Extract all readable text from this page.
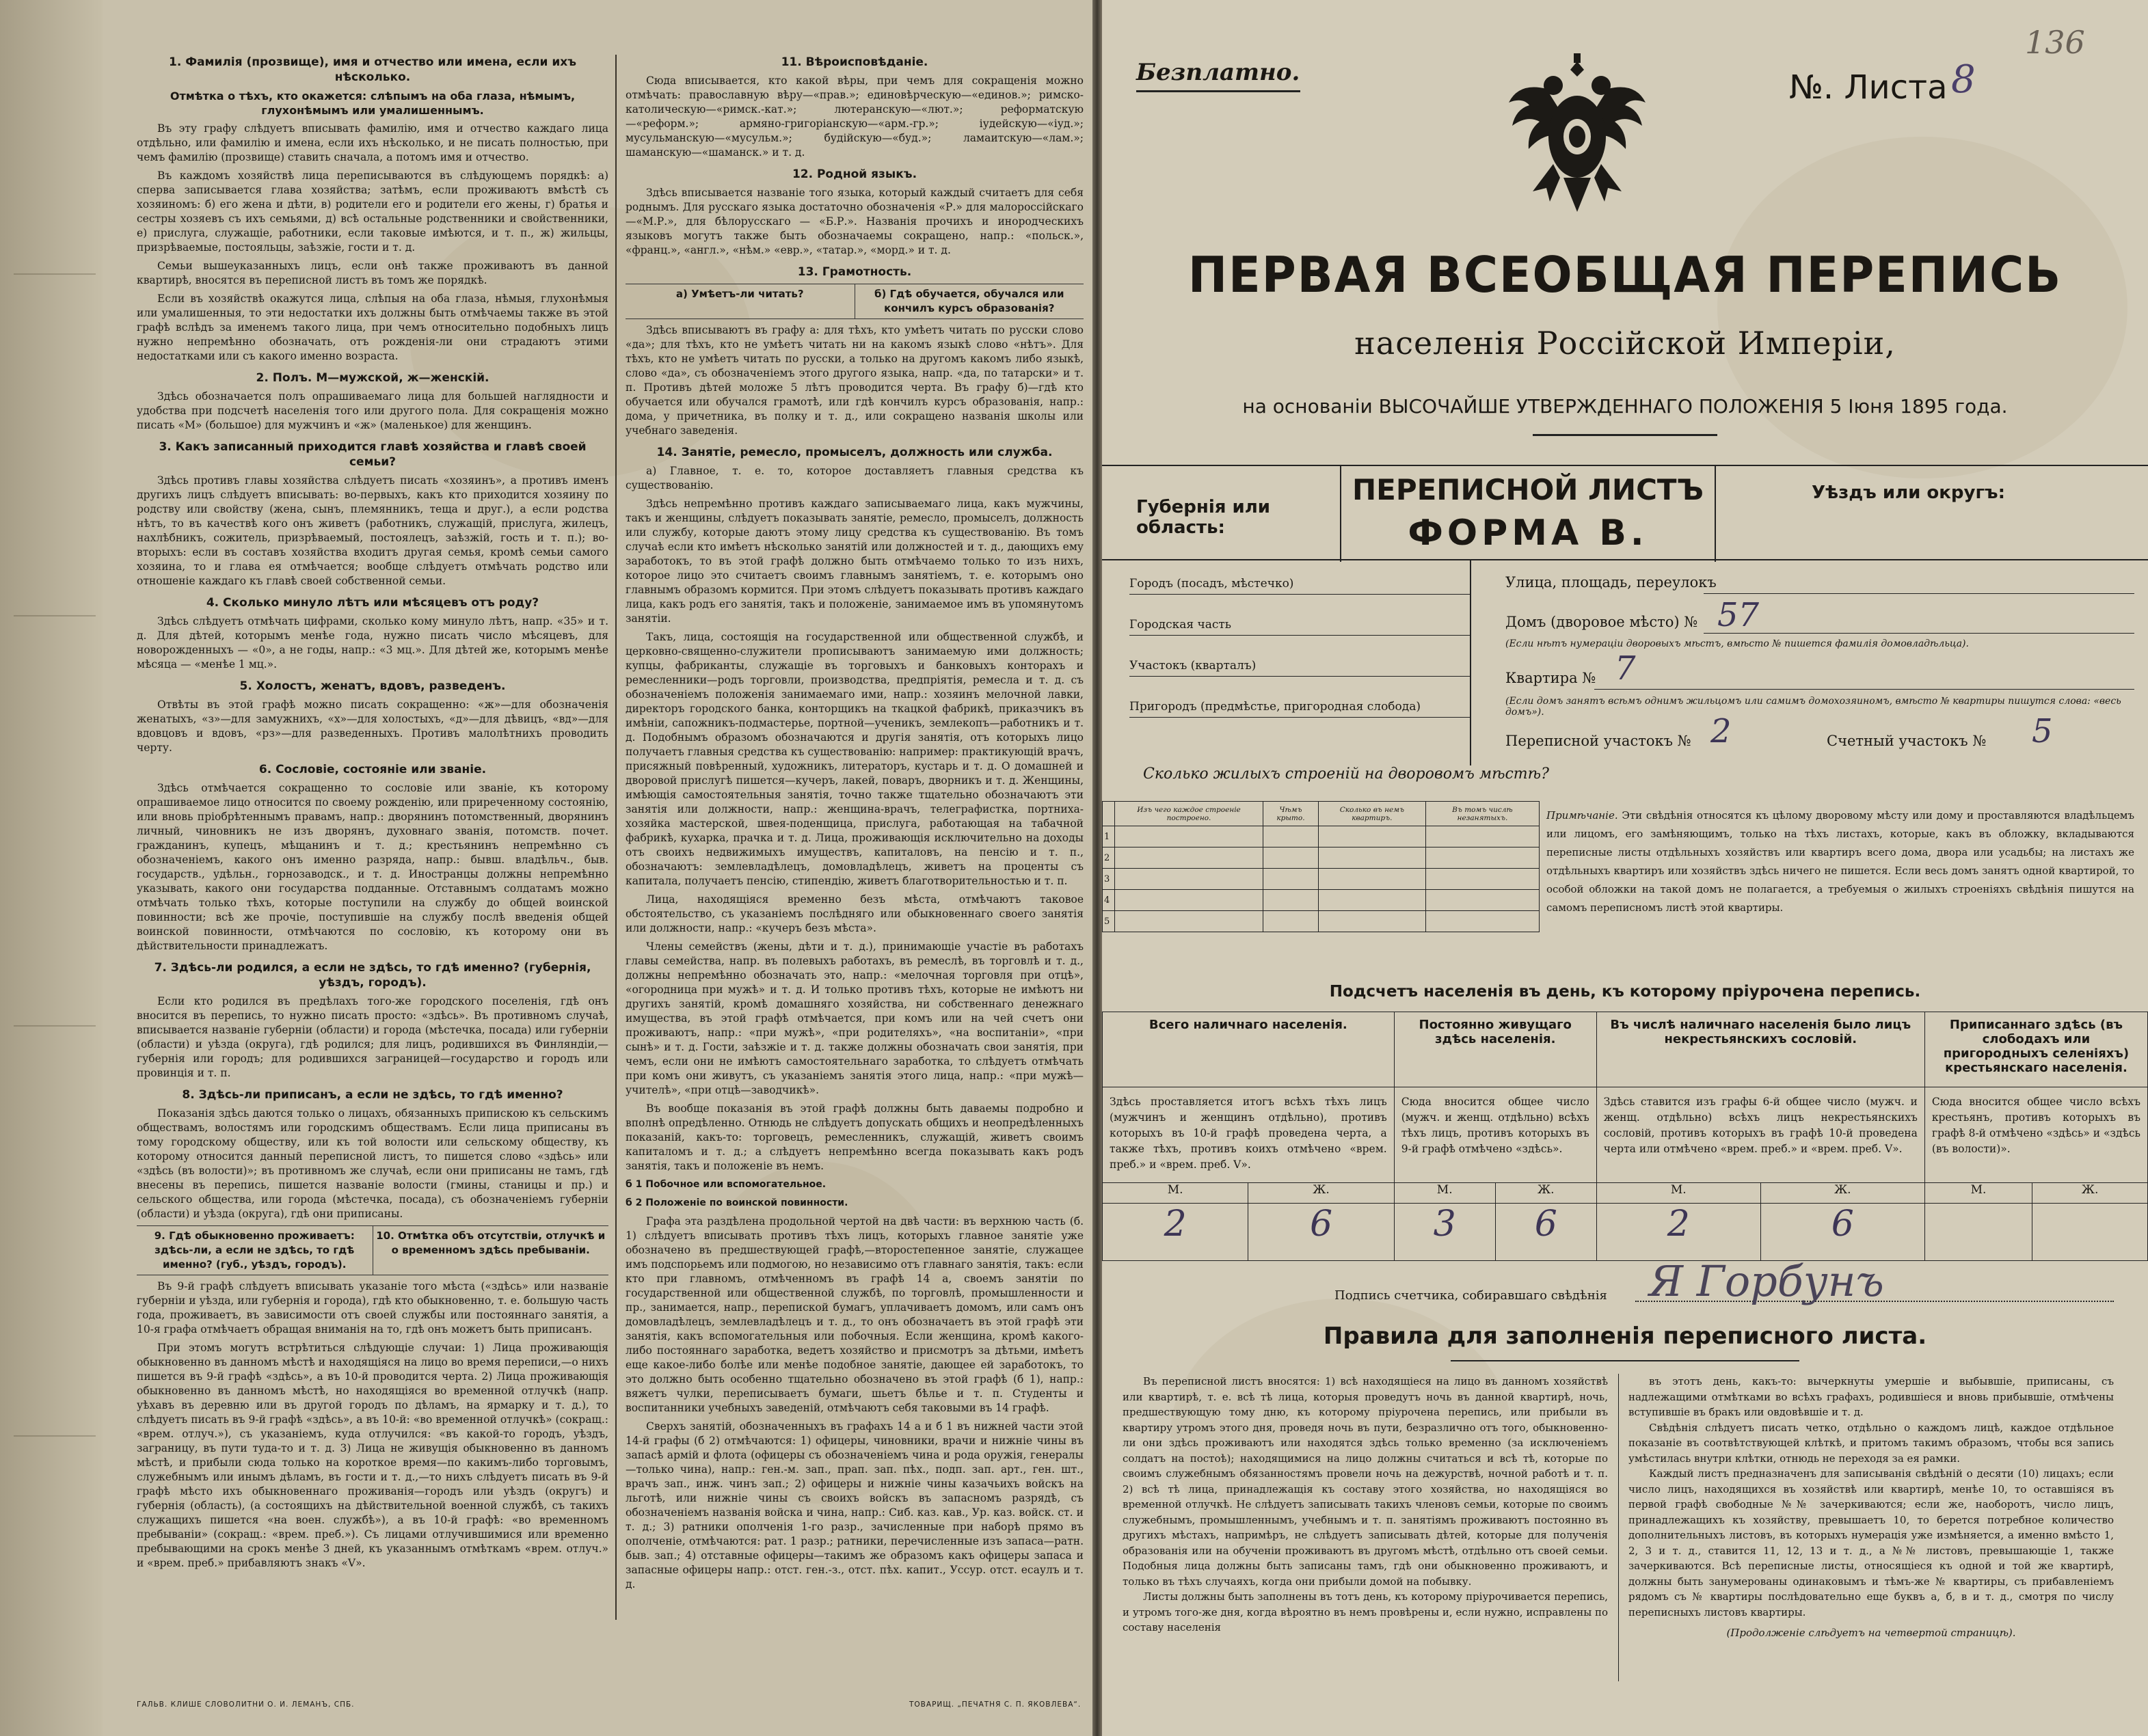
1. Фамилія (прозвище), имя и отчество или имена, если ихъ нѣсколько.
Отмѣтка о тѣхъ, кто окажется: слѣпымъ на оба глаза, нѣмымъ, глухонѣмымъ или умалишеннымъ.

Въ эту графу слѣдуетъ вписывать фамилію, имя и отчество каждаго лица отдѣльно, или фамилію и имена, если ихъ нѣсколько, и не писать полностью, при чемъ фамилію (прозвище) ставить сначала, а потомъ имя и отчество.

Въ каждомъ хозяйствѣ лица переписываются въ слѣдующемъ порядкѣ: а) сперва записывается глава хозяйства; затѣмъ, если проживаютъ вмѣстѣ съ хозяиномъ: б) его жена и дѣти, в) родители его и родители его жены, г) братья и сестры хозяевъ съ ихъ семьями, д) всѣ остальные родственники и свойственники, е) прислуга, служащіе, работники, если таковые имѣются, и т. п., ж) жильцы, призрѣваемые, постояльцы, заѣзжіе, гости и т. д.

Семьи вышеуказанныхъ лицъ, если онѣ также проживаютъ въ данной квартирѣ, вносятся въ переписной листъ въ томъ же порядкѣ.

Если въ хозяйствѣ окажутся лица, слѣпыя на оба глаза, нѣмыя, глухонѣмыя или умалишенныя, то эти недостатки ихъ должны быть отмѣчаемы также въ этой графѣ вслѣдъ за именемъ такого лица, при чемъ относительно подобныхъ лицъ нужно непремѣнно обозначать, отъ рожденія-ли они страдаютъ этими недостатками или съ какого именно возраста.

2. Полъ. М—мужской, ж—женскій.

Здѣсь обозначается полъ опрашиваемаго лица для большей наглядности и удобства при подсчетѣ населенія того или другого пола. Для сокращенія можно писать «М» (большое) для мужчинъ и «ж» (маленькое) для женщинъ.

3. Какъ записанный приходится главѣ хозяйства и главѣ своей семьи?

Здѣсь противъ главы хозяйства слѣдуетъ писать «хозяинъ», а противъ именъ другихъ лицъ слѣдуетъ вписывать: во-первыхъ, какъ кто приходится хозяину по родству или свойству (жена, сынъ, племянникъ, теща и друг.), а если родства нѣтъ, то въ качествѣ кого онъ живетъ (работникъ, служащій, прислуга, жилецъ, нахлѣбникъ, сожитель, призрѣваемый, постоялецъ, заѣзжій, гость и т. п.); во-вторыхъ: если въ составъ хозяйства входитъ другая семья, кромѣ семьи самого хозяина, то и глава ея отмѣчается; вообще слѣдуетъ отмѣчать родство или отношеніе каждаго къ главѣ своей собственной семьи.

4. Сколько минуло лѣтъ или мѣсяцевъ отъ роду?

Здѣсь слѣдуетъ отмѣчать цифрами, сколько кому минуло лѣтъ, напр. «35» и т. д. Для дѣтей, которымъ менѣе года, нужно писать число мѣсяцевъ, для новорожденныхъ — «0», а не годы, напр.: «3 мц.». Для дѣтей же, которымъ менѣе мѣсяца — «менѣе 1 мц.».

5. Холостъ, женатъ, вдовъ, разведенъ.

Отвѣты въ этой графѣ можно писать сокращенно: «ж»—для обозначенія женатыхъ, «з»—для замужнихъ, «х»—для холостыхъ, «д»—для дѣвицъ, «вд»—для вдовцовъ и вдовъ, «рз»—для разведенныхъ. Противъ малолѣтнихъ проводить черту.

6. Сословіе, состояніе или званіе.

Здѣсь отмѣчается сокращенно то сословіе или званіе, къ которому опрашиваемое лицо относится по своему рожденію, или приреченному состоянію, или вновь пріобрѣтеннымъ правамъ, напр.: дворянинъ потомственный, дворянинъ личный, чиновникъ не изъ дворянъ, духовнаго званія, потомств. почет. гражданинъ, купецъ, мѣщанинъ и т. д.; крестьянинъ непремѣнно съ обозначеніемъ, какого онъ именно разряда, напр.: бывш. владѣльч., быв. государств., удѣльн., горнозаводск., и т. д. Иностранцы должны непремѣнно указывать, какого они государства подданные. Отставнымъ солдатамъ можно отмѣчать только тѣхъ, которые поступили на службу до общей воинской повинности; всѣ же прочіе, поступившіе на службу послѣ введенія общей воинской повинности, отмѣчаются по сословію, къ которому они въ дѣйствительности принадлежатъ.

7. Здѣсь-ли родился, а если не здѣсь, то гдѣ именно? (губернія, уѣздъ, городъ).

Если кто родился въ предѣлахъ того-же городского поселенія, гдѣ онъ вносится въ перепись, то нужно писать просто: «здѣсь». Въ противномъ случаѣ, вписывается названіе губерніи (области) и города (мѣстечка, посада) или губерніи (области) и уѣзда (округа), гдѣ родился; для лицъ, родившихся въ Финляндіи,—губернія или городъ; для родившихся заграницей—государство и городъ или провинція и т. п.

8. Здѣсь-ли приписанъ, а если не здѣсь, то гдѣ именно?

Показанія здѣсь даются только о лицахъ, обязанныхъ припискою къ сельскимъ обществамъ, волостямъ или городскимъ обществамъ. Если лица приписаны въ тому городскому обществу, или къ той волости или сельскому обществу, къ которому относится данный переписной листъ, то пишется слово «здѣсь» или «здѣсь (въ волости)»; въ противномъ же случаѣ, если они приписаны не тамъ, гдѣ внесены въ перепись, пишется названіе волости (гмины, станицы и пр.) и сельского общества, или города (мѣстечка, посада), съ обозначеніемъ губерніи (области) и уѣзда (округа), гдѣ они приписаны.

9. Гдѣ обыкновенно проживаетъ: здѣсь-ли, а если не здѣсь, то гдѣ именно? (губ., уѣздъ, городъ).
10. Отмѣтка объ отсутствіи, отлучкѣ и о временномъ здѣсь пребываніи.

Въ 9-й графѣ слѣдуетъ вписывать указаніе того мѣста («здѣсь» или названіе губерніи и уѣзда, или губернія и города), гдѣ кто обыкновенно, т. е. большую часть года, проживаетъ, въ зависимости отъ своей службы или постояннаго занятія, а 10-я графа отмѣчаетъ обращая вниманія на то, гдѣ онъ можетъ быть приписанъ.

При этомъ могутъ встрѣтиться слѣдующіе случаи: 1) Лица проживающія обыкновенно въ данномъ мѣстѣ и находящіяся на лицо во время переписи,—о нихъ пишется въ 9-й графѣ «здѣсь», а въ 10-й проводится черта. 2) Лица проживающія обыкновенно въ данномъ мѣстѣ, но находящіяся во временной отлучкѣ (напр. уѣхавъ въ деревню или въ другой городъ по дѣламъ, на ярмарку и т. д.), то слѣдуетъ писать въ 9-й графѣ «здѣсь», а въ 10-й: «во временной отлучкѣ» (сокращ.: «врем. отлуч.»), съ указаніемъ, куда отлучился: «въ какой-то городъ, уѣздъ, заграницу, въ пути туда-то и т. д. 3) Лица не живущія обыкновенно въ данномъ мѣстѣ, и прибыли сюда только на короткое время—по какимъ-либо торговымъ, служебнымъ или инымъ дѣламъ, въ гости и т. д.,—то нихъ слѣдуетъ писать въ 9-й графѣ мѣсто ихъ обыкновеннаго проживанія—городъ или уѣздъ (округъ) и губернія (область), (а состоящихъ на дѣйствительной военной службѣ, съ такихъ служащихъ пишется «на воен. службѣ»), а въ 10-й графѣ: «во временномъ пребываніи» (сокращ.: «врем. преб.»). Съ лицами отлучившимися или временно пребывающими на срокъ менѣе 3 дней, къ указаннымъ отмѣткамъ «врем. отлуч.» и «врем. преб.» прибавляютъ знакъ «V».

11. Вѣроисповѣданіе.

Сюда вписывается, кто какой вѣры, при чемъ для сокращенія можно отмѣчать: православную вѣру—«прав.»; единовѣрческую—«единов.»; римско-католическую—«римск.-кат.»; лютеранскую—«лют.»; реформатскую—«реформ.»; армяно-григоріанскую—«арм.-гр.»; іудейскую—«іуд.»; мусульманскую—«мусульм.»; будійскую—«буд.»; ламаитскую—«лам.»; шаманскую—«шаманск.» и т. д.

12. Родной языкъ.

Здѣсь вписывается названіе того языка, который каждый считаетъ для себя роднымъ. Для русскаго языка достаточно обозначенія «Р.» для малороссійскаго—«М.Р.», для бѣлорусскаго — «Б.Р.». Названія прочихъ и инородческихъ языковъ могутъ также быть обозначаемы сокращено, напр.: «польск.», «франц.», «англ.», «нѣм.» «евр.», «татар.», «морд.» и т. д.

13. Грамотность.
а) Умѣетъ-ли читать?	б) Гдѣ обучается, обучался или кончилъ курсъ образованія?

Здѣсь вписываютъ въ графу а: для тѣхъ, кто умѣетъ читать по русски слово «да»; для тѣхъ, кто не умѣетъ читать ни на какомъ языкѣ слово «нѣтъ». Для тѣхъ, кто не умѣетъ читать по русски, а только на другомъ какомъ либо языкѣ, слово «да», съ обозначеніемъ этого другого языка, напр. «да, по татарски» и т. п. Противъ дѣтей моложе 5 лѣтъ проводится черта. Въ графу б)—гдѣ кто обучается или обучался грамотѣ, или гдѣ кончилъ курсъ образованія, напр.: дома, у причетника, въ полку и т. д., или сокращено названія школы или учебнаго заведенія.

14. Занятіе, ремесло, промыселъ, должность или служба.

а) Главное, т. е. то, которое доставляетъ главныя средства къ существованію.

Здѣсь непремѣнно противъ каждаго записываемаго лица, какъ мужчины, такъ и женщины, слѣдуетъ показывать занятіе, ремесло, промыселъ, должность или службу, которые даютъ этому лицу средства къ существованію. Въ томъ случаѣ если кто имѣетъ нѣсколько занятій или должностей и т. д., дающихъ ему заработокъ, то въ этой графѣ должно быть отмѣчаемо только то изъ нихъ, которое лицо это считаетъ своимъ главнымъ занятіемъ, т. е. которымъ оно главнымъ образомъ кормится. При этомъ слѣдуетъ показывать противъ каждаго лица, какъ родъ его занятія, такъ и положеніе, занимаемое имъ въ упомянутомъ занятіи.

Такъ, лица, состоящія на государственной или общественной службѣ, и церковно-священно-служители прописываютъ занимаемую ими должность; купцы, фабриканты, служащіе въ торговыхъ и банковыхъ конторахъ и ремесленники—родъ торговли, производства, предпріятія, ремесла и т. д. съ обозначеніемъ положенія занимаемаго ими, напр.: хозяинъ мелочной лавки, директоръ городского банка, конторщикъ на ткацкой фабрикѣ, приказчикъ въ имѣніи, сапожникъ-подмастерье, портной—ученикъ, землекопъ—работникъ и т. д. Подобнымъ образомъ обозначаются и другія занятія, отъ которыхъ лицо получаетъ главныя средства къ существованію: например: практикующій врачъ, присяжный повѣренный, художникъ, литераторъ, кустарь и т. д. О домашней и дворовой прислугѣ пишется—кучеръ, лакей, поваръ, дворникъ и т. д. Женщины, имѣющія самостоятельныя занятія, точно также тщательно обозначаютъ эти занятія или должности, напр.: женщина-врачъ, телеграфистка, портниха-хозяйка мастерской, швея-поденщица, прислуга, работающая на табачной фабрикѣ, кухарка, прачка и т. д. Лица, проживающія исключительно на доходы отъ своихъ недвижимыхъ имуществъ, капиталовъ, на пенсію и т. п., обозначаютъ: землевладѣлецъ, домовладѣлецъ, живетъ на проценты съ капитала, получаетъ пенсію, стипендію, живетъ благотворительностью и т. п.

Лица, находящіяся временно безъ мѣста, отмѣчаютъ таковое обстоятельство, съ указаніемъ послѣдняго или обыкновеннаго своего занятія или должности, напр.: «кучеръ безъ мѣста».

Члены семействъ (жены, дѣти и т. д.), принимающіе участіе въ работахъ главы семейства, напр. въ полевыхъ работахъ, въ ремеслѣ, въ торговлѣ и т. д., должны непремѣнно обозначать это, напр.: «мелочная торговля при отцѣ», «огородница при мужѣ» и т. д. И только противъ тѣхъ, которые не имѣютъ ни другихъ занятій, кромѣ домашняго хозяйства, ни собственнаго денежнаго имущества, въ этой графѣ отмѣчается, при комъ или на чей счетъ они проживаютъ, напр.: «при мужѣ», «при родителяхъ», «на воспитаніи», «при сынѣ» и т. д. Гости, заѣзжіе и т. д. также должны обозначать свои занятія, при чемъ, если они не имѣютъ самостоятельнаго заработка, то слѣдуетъ отмѣчать при комъ они живутъ, съ указаніемъ занятія этого лица, напр.: «при мужѣ—учителѣ», «при отцѣ—заводчикѣ».

Въ вообще показанія въ этой графѣ должны быть даваемы подробно и вполнѣ опредѣленно. Отнюдь не слѣдуетъ допускать общихъ и неопредѣленныхъ показаній, какъ-то: торговецъ, ремесленникъ, служащій, живетъ своимъ капиталомъ и т. д.; а слѣдуетъ непремѣнно всегда показывать какъ родъ занятія, такъ и положеніе въ немъ.

б 1 Побочное или вспомогательное.
б 2 Положеніе по воинской повинности.

Графа эта раздѣлена продольной чертой на двѣ части: въ верхнюю часть (б. 1) слѣдуетъ вписывать противъ тѣхъ лицъ, которыхъ главное занятіе уже обозначено въ предшествующей графѣ,—второстепенное занятіе, служащее имъ подспорьемъ или подмогою, но независимо отъ главнаго занятія, такъ: если кто при главномъ, отмѣченномъ въ графѣ 14 а, своемъ занятіи по государственной или общественной службѣ, по торговлѣ, промышленности и пр., занимается, напр., перепиской бумагъ, уплачиваетъ домомъ, или самъ онъ домовладѣлецъ, землевладѣлецъ и т. д., то онъ обозначаетъ въ этой графѣ эти занятія, какъ вспомогательныя или побочныя. Если женщина, кромѣ какого-либо постояннаго заработка, ведетъ хозяйство и присмотръ за дѣтьми, имѣетъ еще какое-либо болѣе или менѣе подобное занятіе, дающее ей заработокъ, то это должно быть особенно тщательно обозначено въ этой графѣ (б 1), напр.: вяжетъ чулки, переписываетъ бумаги, шьетъ бѣлье и т. п. Студенты и воспитанники учебныхъ заведеній, отмѣчаютъ себя таковыми въ 14 графѣ.

Сверхъ занятій, обозначенныхъ въ графахъ 14 а и б 1 въ нижней части этой 14-й графы (б 2) отмѣчаются: 1) офицеры, чиновники, врачи и нижніе чины въ запасѣ армій и флота (офицеры съ обозначеніемъ чина и рода оружія, генералы—только чина), напр.: ген.-м. зап., прап. зап. пѣх., подп. зап. арт., ген. шт., врачъ зап., инж. чинъ зап.; 2) офицеры и нижніе чины казачьихъ войскъ на льготѣ, или нижніе чины съ своихъ войскъ въ запасномъ разрядѣ, съ обозначеніемъ названія войска и чина, напр.: Сиб. каз. кав., Ур. каз. войск. ст. и т. д.; 3) ратники ополченія 1-го разр., зачисленные при наборѣ прямо въ ополченіе, отмѣчаются: рат. 1 разр.; ратники, перечисленные изъ запаса—ратн. быв. зап.; 4) отставные офицеры—такимъ же образомъ какъ офицеры запаса и запасные офицеры напр.: отст. ген.-з., отст. пѣх. капит., Уссур. отст. есаулъ и т. д.

ГАЛЬВ. КЛИШЕ СЛОВОЛИТНИ О. И. ЛЕМАНЪ, СПБ.	ТОВАРИЩ. „ПЕЧАТНЯ С. П. ЯКОВЛЕВА“.
Безплатно.
136
№. Листа 8
ПЕРВАЯ ВСЕОБЩАЯ ПЕРЕПИСЬ
населенія Россійской Имперіи,
на основаніи ВЫСОЧАЙШЕ УТВЕРЖДЕННАГО ПОЛОЖЕНІЯ 5 Іюня 1895 года.
Губернія или область:
ПЕРЕПИСНОЙ ЛИСТЪ
ФОРМА В.
Уѣздъ или округъ:
Городъ (посадъ, мѣстечко)
Городская часть
Участокъ (кварталъ)
Пригородъ (предмѣстье, пригородная слобода)
Улица, площадь, переулокъ
Домъ (дворовое мѣсто) № 57
(Если нѣтъ нумераціи дворовыхъ мѣстъ, вмѣсто № пишется фамилія домовладѣльца).
Квартира № 7
(Если домъ занятъ всѣмъ однимъ жильцомъ или самимъ домохозяиномъ, вмѣсто № квартиры пишутся слова: «весь домъ»).
Переписной участокъ № 2	Счетный участокъ № 5
Сколько жилыхъ строеній на дворовомъ мѣстѣ?
	Изъ чего каждое строеніе построено.	Чѣмъ крыто.	Сколько въ немъ квартиръ.	Въ томъ числѣ незанятыхъ.
1				
2				
3				
4				
5				
Примѣчаніе. Эти свѣдѣнія относятся къ цѣлому дворовому мѣсту или дому и проставляются владѣльцемъ или лицомъ, его замѣняющимъ, только на тѣхъ листахъ, которые, какъ въ обложку, вкладываются переписные листы отдѣльныхъ хозяйствъ или квартиръ всего дома, двора или усадьбы; на листахъ же отдѣльныхъ квартиръ или хозяйствъ здѣсь ничего не пишется. Если весь домъ занятъ одной квартирой, то особой обложки на такой домъ не полагается, а требуемыя о жилыхъ строеніяхъ свѣдѣнія пишутся на самомъ переписномъ листѣ этой квартиры.
Подсчетъ населенія въ день, къ которому пріурочена перепись.
Всего наличнаго населенія.		Постоянно живущаго здѣсь населенія.		Въ числѣ наличнаго населенія было лицъ некрестьянскихъ сословій.		Приписаннаго здѣсь (въ слободахъ или пригородныхъ селеніяхъ) крестьянскаго населенія.	
Здѣсь проставляется итогъ всѣхъ тѣхъ лицъ (мужчинъ и женщинъ отдѣльно), противъ которыхъ въ 10-й графѣ проведена черта, а также тѣхъ, противъ коихъ отмѣчено «врем. преб.» и «врем. преб. V».		Сюда вносится общее число (мужч. и женщ. отдѣльно) всѣхъ тѣхъ лицъ, противъ которыхъ въ 9-й графѣ отмѣчено «здѣсь».		Здѣсь ставится изъ графы 6-й общее число (мужч. и женщ. отдѣльно) всѣхъ лицъ некрестьянскихъ сословій, противъ которыхъ въ графѣ 10-й проведена черта или отмѣчено «врем. преб.» и «врем. преб. V».		Сюда вносится общее число всѣхъ крестьянъ, противъ которыхъ въ графѣ 8-й отмѣчено «здѣсь» и «здѣсь (въ волости)».	
М.	Ж.	М.	Ж.	М.	Ж.	М.	Ж.
2	6	3	6	2	6		
Подпись счетчика, собиравшаго свѣдѣнія Я Горбунъ
Правила для заполненія переписного листа.

Въ переписной листъ вносятся: 1) всѣ находящіеся на лицо въ данномъ хозяйствѣ или квартирѣ, т. е. всѣ тѣ лица, которыя проведутъ ночь въ данной квартирѣ, ночь, предшествующую тому дню, къ которому пріурочена перепись, или прибыли въ квартиру утромъ этого дня, проведя ночь въ пути, безразлично отъ того, обыкновенно-ли они здѣсь проживаютъ или находятся здѣсь только временно (за исключеніемъ солдатъ на постоѣ); находящимися на лицо должны считаться и всѣ тѣ, которые по своимъ служебнымъ обязанностямъ провели ночь на дежурствѣ, ночной работѣ и т. п. 2) всѣ тѣ лица, принадлежащія къ составу этого хозяйства, но находящіяся во временной отлучкѣ. Не слѣдуетъ записывать такихъ членовъ семьи, которые по своимъ служебнымъ, промышленнымъ, учебнымъ и т. п. занятіямъ проживаютъ постоянно въ другихъ мѣстахъ, напримѣръ, не слѣдуетъ записывать дѣтей, которые для полученія образованія или на обученіи проживаютъ въ другомъ мѣстѣ, отдѣльно отъ своей семьи. Подобныя лица должны быть записаны тамъ, гдѣ они обыкновенно проживаютъ, и только въ тѣхъ случаяхъ, когда они прибыли домой на побывку.

Листы должны быть заполнены въ тотъ день, къ которому пріурочивается перепись, и утромъ того-же дня, когда вѣроятно въ немъ провѣрены и, если нужно, исправлены по составу населенія

въ этотъ день, какъ-то: вычеркнуты умершіе и выбывшіе, приписаны, съ надлежащими отмѣтками во всѣхъ графахъ, родившіеся и вновь прибывшіе, отмѣчены вступившіе въ бракъ или овдовѣвшіе и т. д.

Свѣдѣнія слѣдуетъ писать четко, отдѣльно о каждомъ лицѣ, каждое отдѣльное показаніе въ соотвѣтствующей клѣткѣ, и притомъ такимъ образомъ, чтобы вся запись умѣстилась внутри клѣтки, отнюдь не переходя за ея рамки.

Каждый листъ предназначенъ для записыванія свѣдѣній о десяти (10) лицахъ; если число лицъ, находящихся въ хозяйствѣ или квартирѣ, менѣе 10, то оставшіяся въ первой графѣ свободные №№ зачеркиваются; если же, наоборотъ, число лицъ, принадлежащихъ къ хозяйству, превышаетъ 10, то берется потребное количество дополнительныхъ листовъ, въ которыхъ нумерація уже измѣняется, а именно вмѣсто 1, 2, 3 и т. д., ставится 11, 12, 13 и т. д., а №№ листовъ, превышающіе 1, также зачеркиваются. Всѣ переписные листы, относящіеся къ одной и той же квартирѣ, должны быть занумерованы одинаковымъ и тѣмъ-же № квартиры, съ прибавленіемъ рядомъ съ № квартиры послѣдовательно еще буквъ а, б, в и т. д., смотря по числу переписныхъ листовъ квартиры.

(Продолженіе слѣдуетъ на четвертой страницѣ).
